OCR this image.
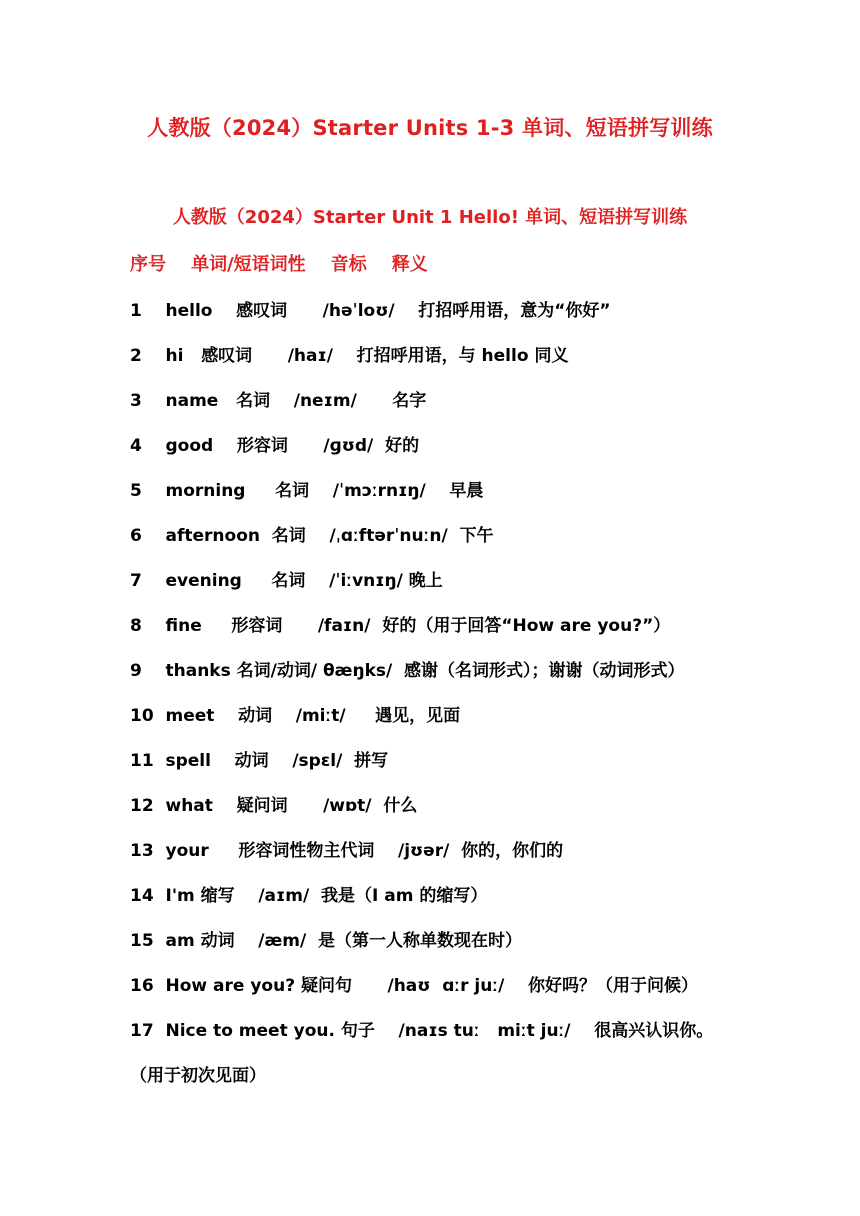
人教版（2024）Starter Units 1-3 单词、短语拼写训练
人教版（2024）Starter Unit 1 Hello! 单词、短语拼写训练
序号    单词/短语词性    音标    释义
1    hello    感叹词      /həˈloʊ/    打招呼用语，意为“你好”
2    hi   感叹词      /haɪ/    打招呼用语，与 hello 同义
3    name   名词    /neɪm/      名字
4    good    形容词      /ɡʊd/  好的
5    morning     名词    /ˈmɔːrnɪŋ/    早晨
6    afternoon  名词    /ˌɑːftərˈnuːn/  下午
7    evening     名词    /ˈiːvnɪŋ/ 晚上
8    fine     形容词      /faɪn/  好的（用于回答“How are you?”）
9    thanks 名词/动词/ θæŋks/  感谢（名词形式）；谢谢（动词形式）
10  meet    动词    /miːt/     遇见，见面
11  spell    动词    /spɛl/  拼写
12  what    疑问词      /wɒt/  什么
13  your     形容词性物主代词    /jʊər/  你的，你们的
14  I'm 缩写    /aɪm/  我是（I am 的缩写）
15  am 动词    /æm/  是（第一人称单数现在时）
16  How are you? 疑问句      /haʊ  ɑːr juː/    你好吗？（用于问候）
17  Nice to meet you. 句子    /naɪs tuː   miːt juː/    很高兴认识你。
（用于初次见面）
